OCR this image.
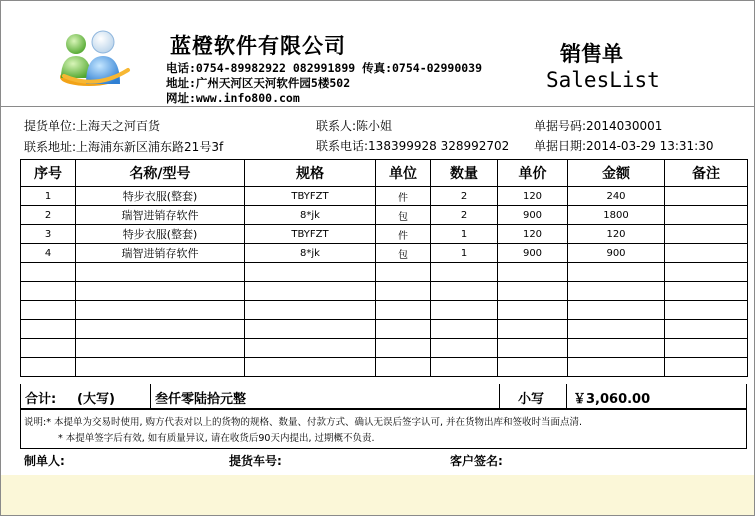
蓝橙软件有限公司
电话:0754-89982922 082991899 传真:0754-02990039
地址:广州天河区天河软件园5楼502
网址:www.info800.com
销售单
SalesList
提货单位:上海天之河百货	联系人:陈小姐	单据号码:2014030001
联系地址:上海浦东新区浦东路21号3f	联系电话:138399928 328992702 单据日期:2014-03-29 13:31:30
序号	名称/型号	规格	单位	数量	单价	金额	备注
1	特步衣服(整套)	TBYFZT	件	2	120	240	
2	瑞智进销存软件	8*jk	包	2	900	1800	
3	特步衣服(整套)	TBYFZT	件	1	120	120	
4	瑞智进销存软件	8*jk	包	1	900	900	

合计: (大写)	叁仟零陆拾元整	小写 ￥3,060.00
说明:* 本提单为交易时使用, 购方代表对以上的货物的规格、数量、付款方式、确认无误后签字认可, 并在货物出库和签收时当面点清.
* 本提单签字后有效, 如有质量异议, 请在收货后90天内提出, 过期概不负责.
制单人:	提货车号:	客户签名:
